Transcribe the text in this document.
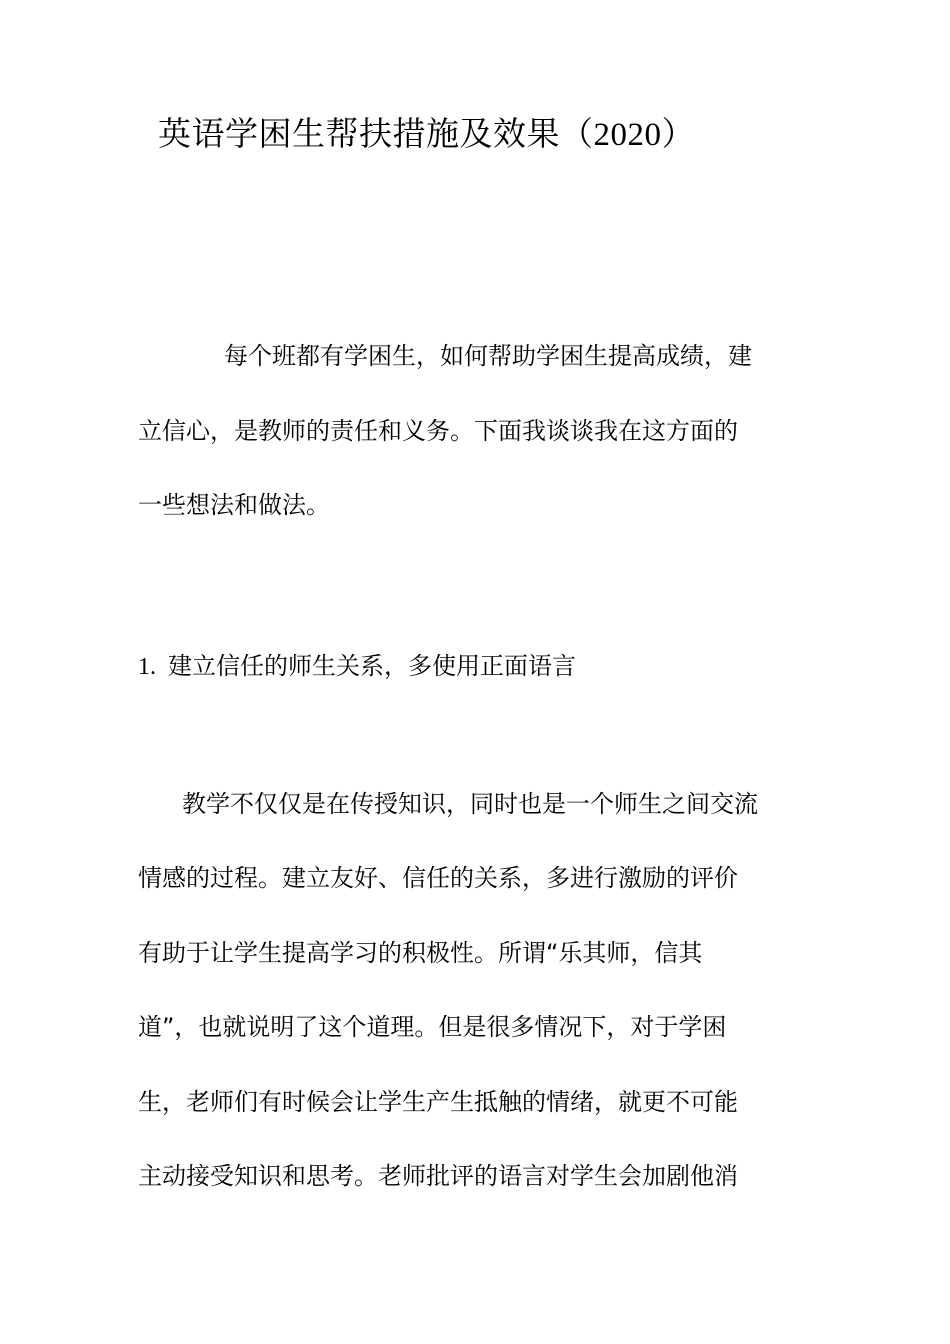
英语学困生帮扶措施及效果（2020）
每个班都有学困生，如何帮助学困生提高成绩，建
立信心，是教师的责任和义务。下面我谈谈我在这方面的
一些想法和做法。
1. 建立信任的师生关系，多使用正面语言
教学不仅仅是在传授知识，同时也是一个师生之间交流
情感的过程。建立友好、信任的关系，多进行激励的评价
有助于让学生提高学习的积极性。所谓“乐其师，信其
道”，也就说明了这个道理。但是很多情况下，对于学困
生，老师们有时候会让学生产生抵触的情绪，就更不可能
主动接受知识和思考。老师批评的语言对学生会加剧他消
